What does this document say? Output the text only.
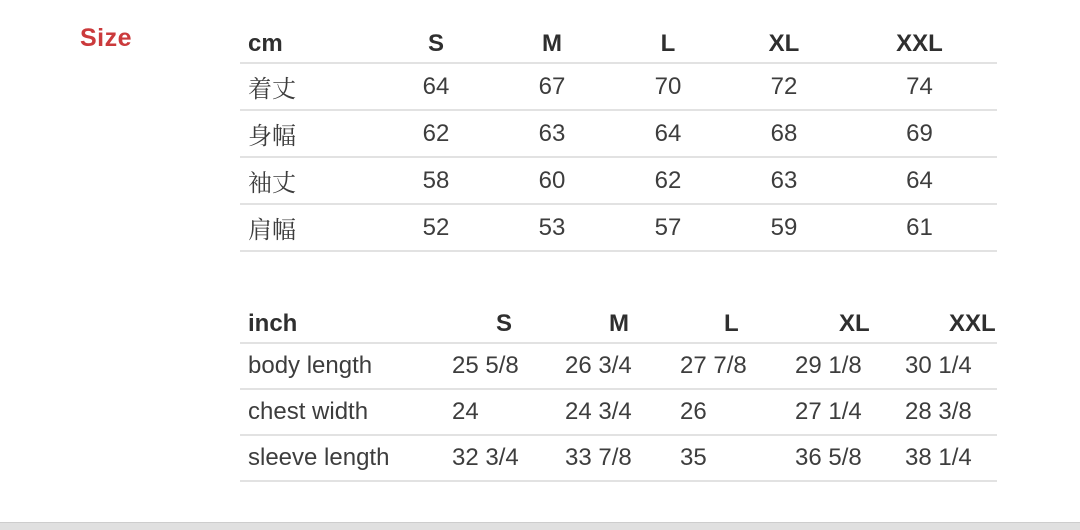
Size	cm	S	M	L	XL	XXL
着丈	64	67	70	72	74
身幅	62	63	64	68	69
袖丈	58	60	62	63	64
肩幅	52	53	57	59	61
inch	S	M	L	XL	XXL
body length	25 5/8	26 3/4	27 7/8	29 1/8	30 1/4
chest width	24	24 3/4	26	27 1/4	28 3/8
sleeve length	32 3/4	33 7/8	35	36 5/8	38 1/4
